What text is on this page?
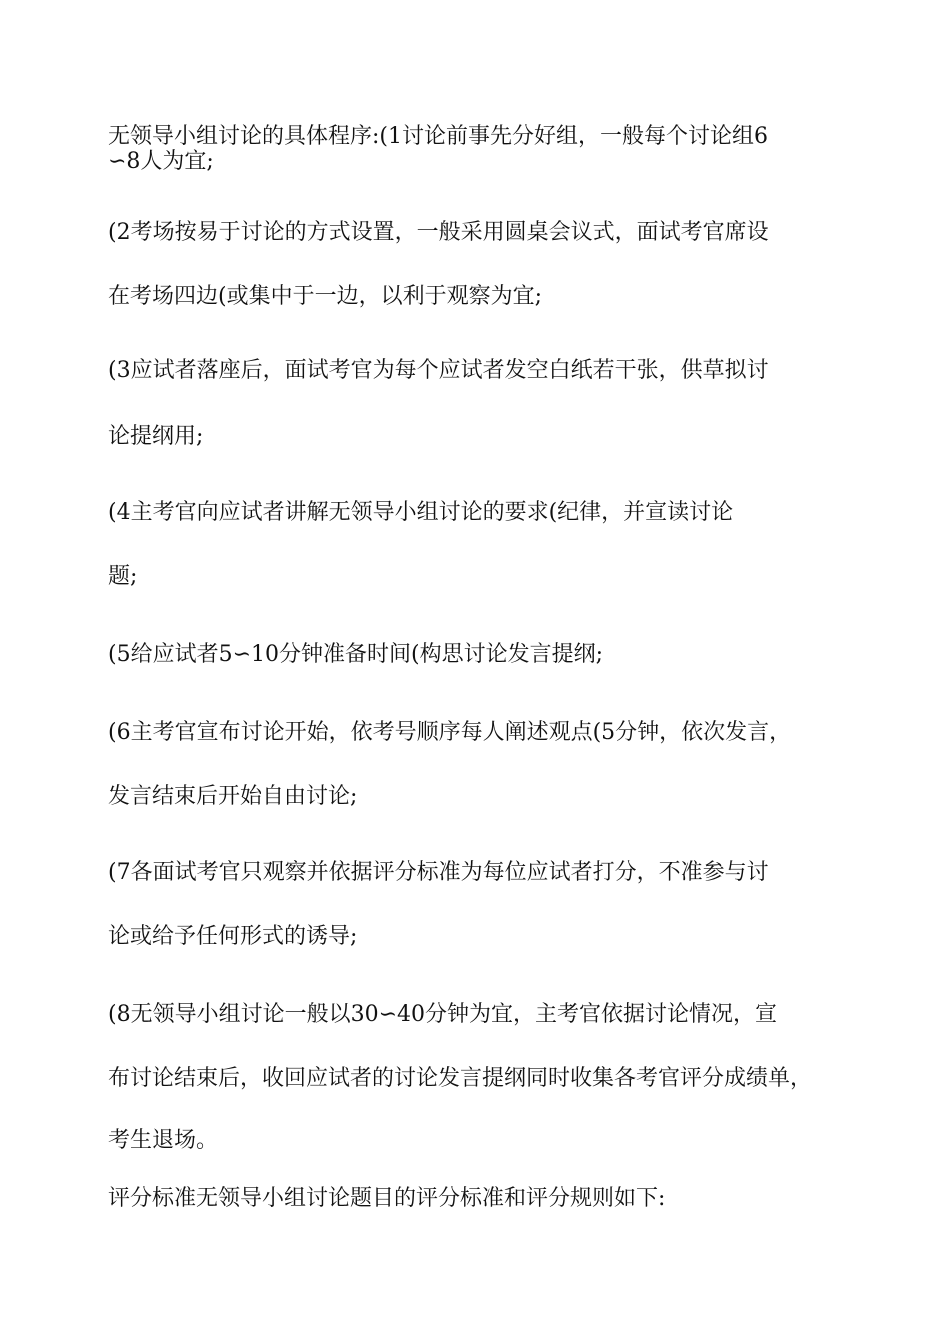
无领导小组讨论的具体程序:(1讨论前事先分好组，一般每个讨论组6
∽8人为宜;
(2考场按易于讨论的方式设置，一般采用圆桌会议式，面试考官席设
在考场四边(或集中于一边，以利于观察为宜;
(3应试者落座后，面试考官为每个应试者发空白纸若干张，供草拟讨
论提纲用;
(4主考官向应试者讲解无领导小组讨论的要求(纪律，并宣读讨论
题;
(5给应试者5∽10分钟准备时间(构思讨论发言提纲;
(6主考官宣布讨论开始，依考号顺序每人阐述观点(5分钟，依次发言，
发言结束后开始自由讨论;
(7各面试考官只观察并依据评分标准为每位应试者打分，不准参与讨
论或给予任何形式的诱导;
(8无领导小组讨论一般以30∽40分钟为宜，主考官依据讨论情况，宣
布讨论结束后，收回应试者的讨论发言提纲同时收集各考官评分成绩单，
考生退场。
评分标准无领导小组讨论题目的评分标准和评分规则如下:
